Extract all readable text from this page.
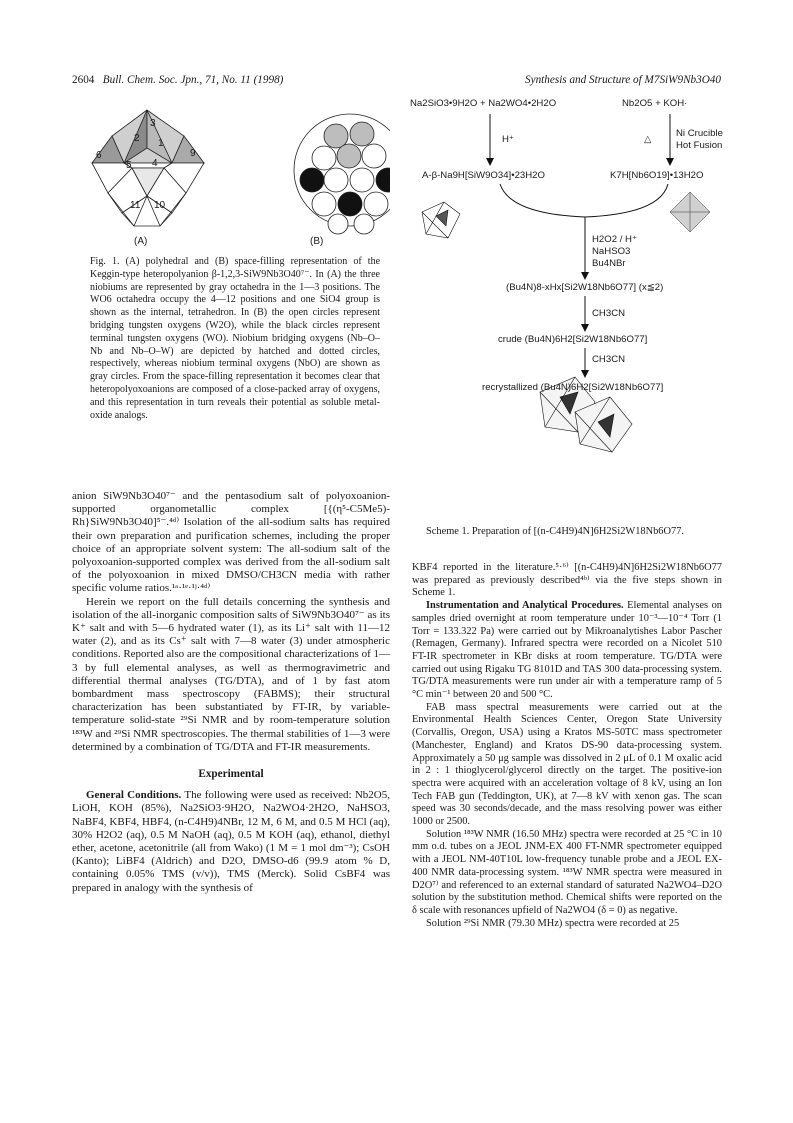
2604 Bull. Chem. Soc. Jpn., 71, No. 11 (1998)	Synthesis and Structure of M7SiW9Nb3O40
3
2 1
6
5 4
9
11 10
(A)	(B)
Fig. 1. (A) polyhedral and (B) space-filling representation of the Keggin-type heteropolyanion β-1,2,3-SiW9Nb3O40⁷⁻. In (A) the three niobiums are represented by gray octahedra in the 1—3 positions. The WO6 octahedra occupy the 4—12 positions and one SiO4 group is shown as the internal, tetrahedron. In (B) the open circles represent bridging tungsten oxygens (W2O), while the black circles represent terminal tungsten oxygens (WO). Niobium bridging oxygens (Nb–O–Nb and Nb–O–W) are depicted by hatched and dotted circles, respectively, whereas niobium terminal oxygens (NbO) are shown as gray circles. From the space-filling representation it becomes clear that heteropolyoxoanions are composed of a close-packed array of oxygens, and this representation in turn reveals their potential as soluble metal-oxide analogs.
Na2SiO3•9H2O + Na2WO4•2H2O	Nb2O5 + KOH·
H⁺	△
Ni Crucible
Hot Fusion
A-β-Na9H[SiW9O34]•23H2O	K7H[Nb6O19]•13H2O
H2O2 / H⁺
NaHSO3
Bu4NBr
(Bu4N)8-xHx[Si2W18Nb6O77] (x≦2)
CH3CN
crude (Bu4N)6H2[Si2W18Nb6O77]
CH3CN
recrystallized (Bu4N)6H2[Si2W18Nb6O77]
Scheme 1. Preparation of [(n-C4H9)4N]6H2Si2W18Nb6O77.

anion SiW9Nb3O40⁷⁻ and the pentasodium salt of polyoxoanion-supported organometallic complex [{(η⁵-C5Me5)-Rh}SiW9Nb3O40]⁵⁻.⁴ᵈ⁾ Isolation of the all-sodium salts has required their own preparation and purification schemes, including the proper choice of an appropriate solvent system: The all-sodium salt of the polyoxoanion-supported complex was derived from the all-sodium salt of the polyoxoanion in mixed DMSO/CH3CN media with rather specific volume ratios.¹ᵃ·¹ᵉ·¹ʲ·⁴ᵈ⁾

Herein we report on the full details concerning the synthesis and isolation of the all-inorganic composition salts of SiW9Nb3O40⁷⁻ as its K⁺ salt and with 5—6 hydrated water (1), as its Li⁺ salt with 11—12 water (2), and as its Cs⁺ salt with 7—8 water (3) under atmospheric conditions. Reported also are the compositional characterizations of 1—3 by full elemental analyses, as well as thermogravimetric and differential thermal analyses (TG/DTA), and of 1 by fast atom bombardment mass spectroscopy (FABMS); their structural characterization has been substantiated by FT-IR, by variable-temperature solid-state ²⁹Si NMR and by room-temperature solution ¹⁸³W and ²⁹Si NMR spectroscopies. The thermal stabilities of 1—3 were determined by a combination of TG/DTA and FT-IR measurements.

Experimental

General Conditions. The following were used as received: Nb2O5, LiOH, KOH (85%), Na2SiO3·9H2O, Na2WO4·2H2O, NaHSO3, NaBF4, KBF4, HBF4, (n-C4H9)4NBr, 12 M, 6 M, and 0.5 M HCl (aq), 30% H2O2 (aq), 0.5 M NaOH (aq), 0.5 M KOH (aq), ethanol, diethyl ether, acetone, acetonitrile (all from Wako) (1 M = 1 mol dm⁻³); CsOH (Kanto); LiBF4 (Aldrich) and D2O, DMSO-d6 (99.9 atom % D, containing 0.05% TMS (v/v)), TMS (Merck). Solid CsBF4 was prepared in analogy with the synthesis of

KBF4 reported in the literature.⁵·⁶⁾ [(n-C4H9)4N]6H2Si2W18Nb6O77 was prepared as previously described⁴ᵇ⁾ via the five steps shown in Scheme 1.

Instrumentation and Analytical Procedures. Elemental analyses on samples dried overnight at room temperature under 10⁻³—10⁻⁴ Torr (1 Torr = 133.322 Pa) were carried out by Mikroanalytishes Labor Pascher (Remagen, Germany). Infrared spectra were recorded on a Nicolet 510 FT-IR spectrometer in KBr disks at room temperature. TG/DTA were carried out using Rigaku TG 8101D and TAS 300 data-processing system. TG/DTA measurements were run under air with a temperature ramp of 5 °C min⁻¹ between 20 and 500 °C.

FAB mass spectral measurements were carried out at the Environmental Health Sciences Center, Oregon State University (Corvallis, Oregon, USA) using a Kratos MS-50TC mass spectrometer (Manchester, England) and Kratos DS-90 data-processing system. Approximately a 50 μg sample was dissolved in 2 μL of 0.1 M oxalic acid in 2 : 1 thioglycerol/glycerol directly on the target. The positive-ion spectra were acquired with an acceleration voltage of 8 kV, using an Ion Tech FAB gun (Teddington, UK), at 7—8 kV with xenon gas. The scan speed was 30 seconds/decade, and the mass resolving power was either 1000 or 2500.

Solution ¹⁸³W NMR (16.50 MHz) spectra were recorded at 25 °C in 10 mm o.d. tubes on a JEOL JNM-EX 400 FT-NMR spectrometer equipped with a JEOL NM-40T10L low-frequency tunable probe and a JEOL EX-400 NMR data-processing system. ¹⁸³W NMR spectra were measured in D2O⁷⁾ and referenced to an external standard of saturated Na2WO4–D2O solution by the substitution method. Chemical shifts were reported on the δ scale with resonances upfield of Na2WO4 (δ = 0) as negative.

Solution ²⁹Si NMR (79.30 MHz) spectra were recorded at 25
